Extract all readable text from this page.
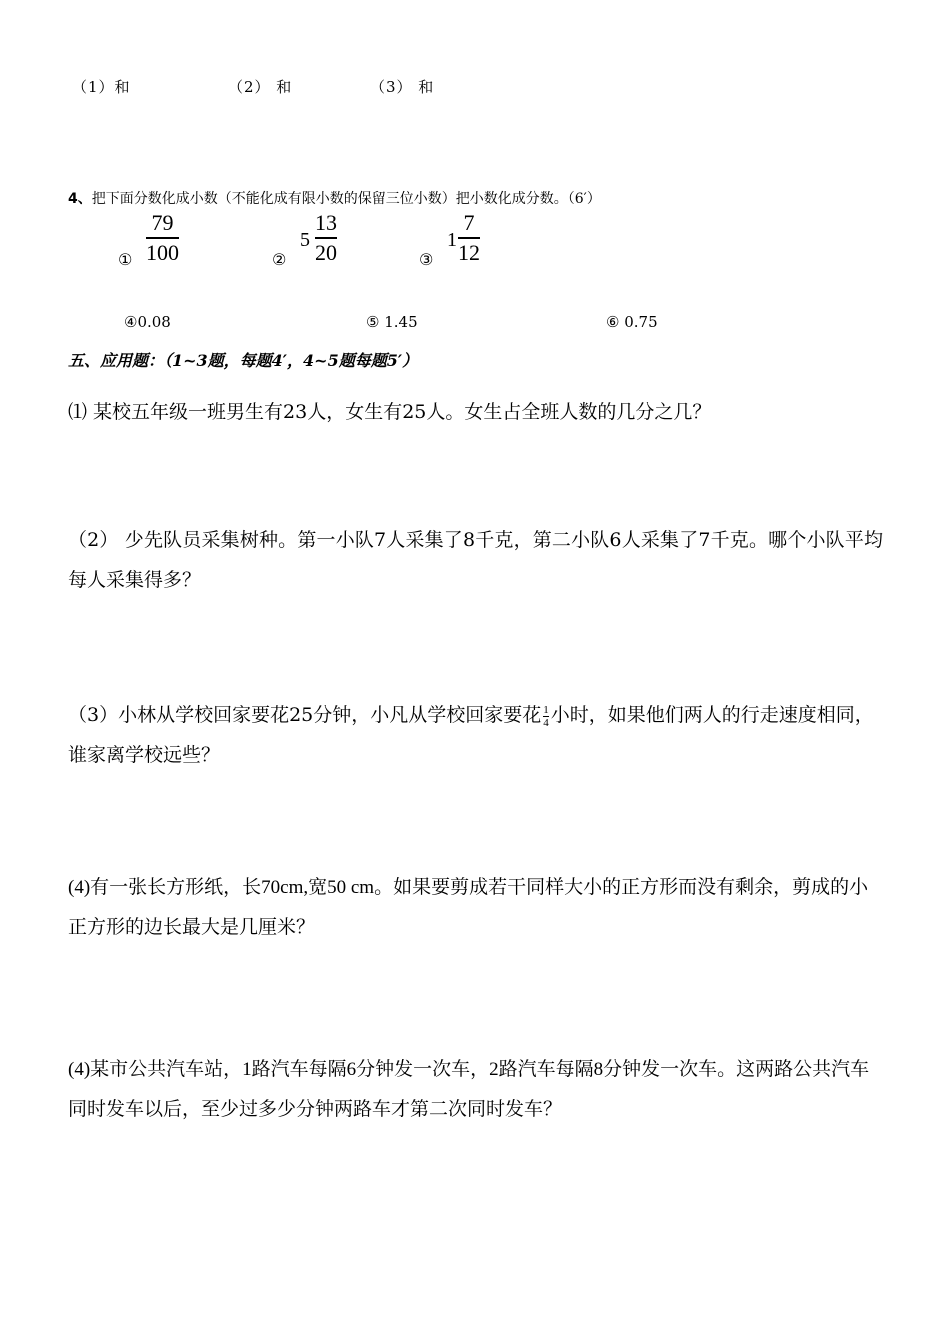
（1）和	（2） 和	（3） 和
4、把下面分数化成小数（不能化成有限小数的保留三位小数）把小数化成分数。（6′）
①
79
100	②
5
13
20	③
1
7
12
④0.08	⑤ 1.45	⑥ 0.75
五、应用题：（1~3题，每题4′，4~5题每题5′）
⑴ 某校五年级一班男生有23人，女生有25人。女生占全班人数的几分之几？
（2） 少先队员采集树种。第一小队7人采集了8千克，第二小队6人采集了7千克。哪个小队平均每人采集得多？
（3）小林从学校回家要花25分钟，小凡从学校回家要花 $\frac{1}{4}$ 小时，如果他们两人的行走速度相同，谁家离学校远些？
(4)有一张长方形纸，长70cm,宽50 cm。如果要剪成若干同样大小的正方形而没有剩余，剪成的小正方形的边长最大是几厘米？
(4)某市公共汽车站，1路汽车每隔6分钟发一次车，2路汽车每隔8分钟发一次车。这两路公共汽车同时发车以后，至少过多少分钟两路车才第二次同时发车？
